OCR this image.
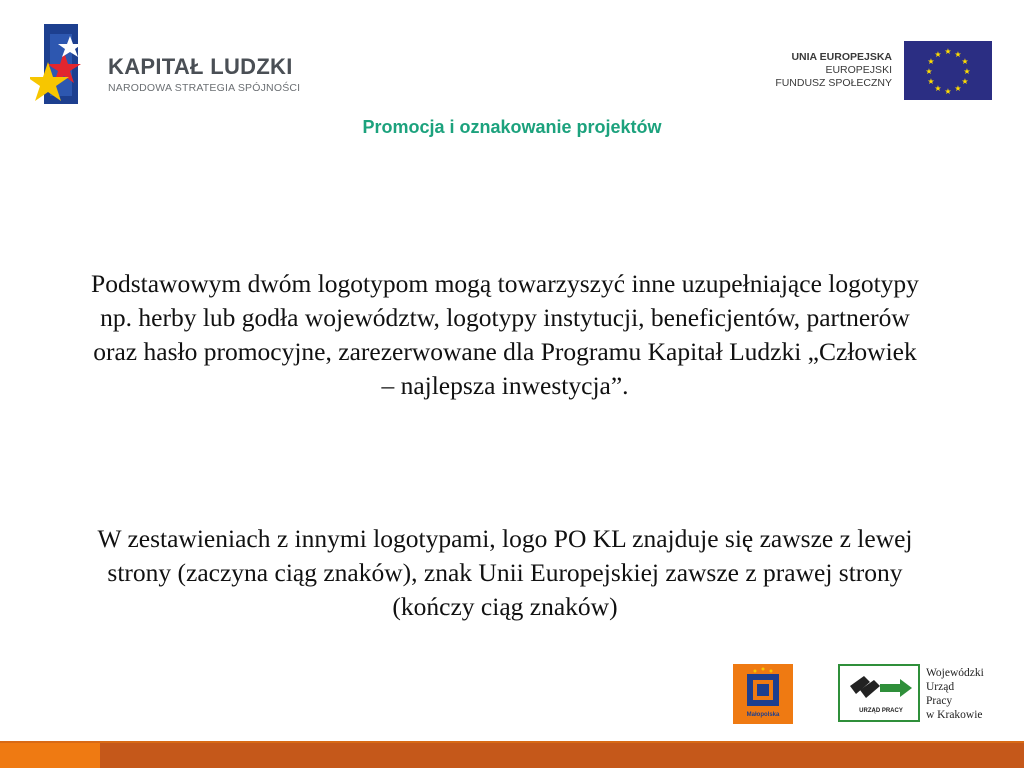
KAPITAŁ LUDZKI
NARODOWA STRATEGIA SPÓJNOŚCI
UNIA EUROPEJSKA
EUROPEJSKI
FUNDUSZ SPOŁECZNY
★ ★
★
★
★
★
★
★
★
★
★
★
Promocja i oznakowanie projektów
Podstawowym dwóm logotypom mogą towarzyszyć inne uzupełniające logotypy np. herby lub godła województw, logotypy instytucji, beneficjentów, partnerów oraz hasło promocyjne, zarezerwowane dla Programu Kapitał Ludzki „Człowiek – najlepsza inwestycja”.
W zestawieniach z innymi logotypami, logo PO KL znajduje się zawsze z lewej strony (zaczyna ciąg znaków), znak Unii Europejskiej zawsze z prawej strony (kończy ciąg znaków)
Małopolska
URZĄD PRACY
Wojewódzki
Urząd
Pracy
w Krakowie
